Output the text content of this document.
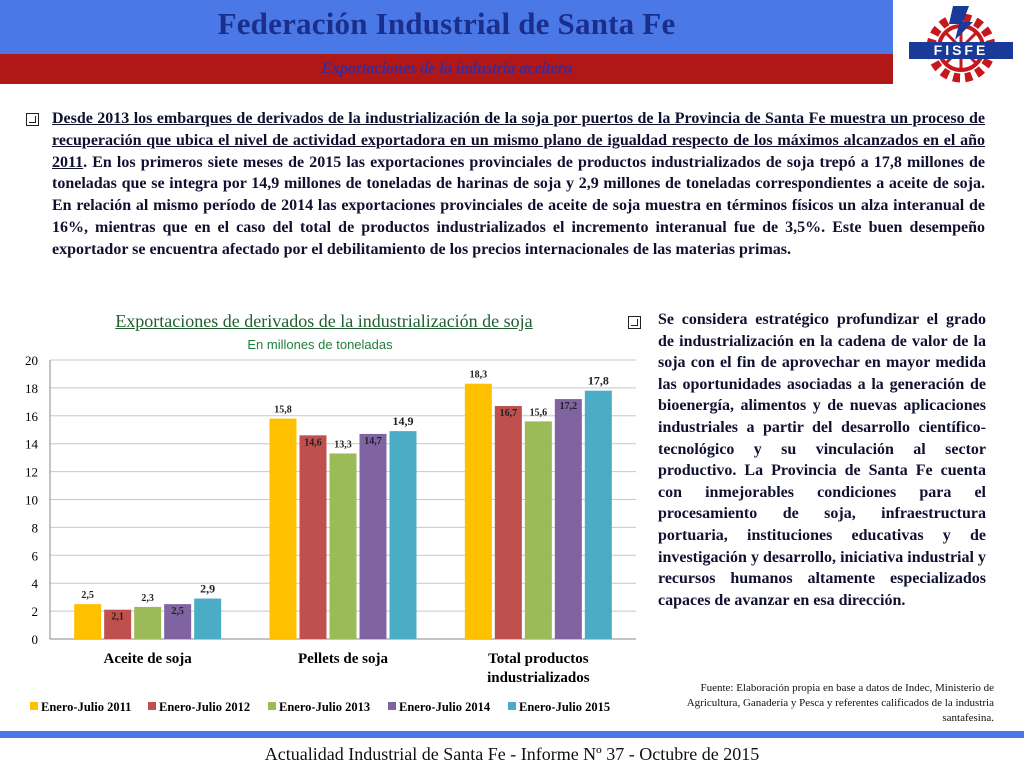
Federación Industrial de Santa Fe
Exportaciones de la industria aceitera
FISFE
Desde 2013 los embarques de derivados de la industrialización de la soja por puertos de la Provincia de Santa Fe muestra un proceso de recuperación que ubica el nivel de actividad exportadora en un mismo plano de igualdad respecto de los máximos alcanzados en el año 2011. En los primeros siete meses de 2015 las exportaciones provinciales de productos industrializados de soja trepó a 17,8 millones de toneladas que se integra por 14,9 millones de toneladas de harinas de soja y 2,9 millones de toneladas correspondientes a aceite de soja. En relación al mismo período de 2014 las exportaciones provinciales de aceite de soja muestra en términos físicos un alza interanual de 16%, mientras que en el caso del total de productos industrializados el incremento interanual fue de 3,5%. Este buen desempeño exportador se encuentra afectado por el debilitamiento de los precios internacionales de las materias primas.
Exportaciones de derivados de la industrialización de soja
En millones de toneladas
0
2
4
6
8
10
12
14
16
18
20
2,5
2,1
2,3
2,5
2,9
Aceite de soja
15,8
14,6 13,3 14,7
14,9
Pellets de soja
18,3
16,7 15,6
17,2
17,8
Total productos
industrializados
Enero-Julio 2011 Enero-Julio 2012 Enero-Julio 2013 Enero-Julio 2014 Enero-Julio 2015
Se considera estratégico profundizar el grado de industrialización en la cadena de valor de la soja con el fin de aprovechar en mayor medida las oportunidades asociadas a la generación de bioenergía, alimentos y de nuevas aplicaciones industriales a partir del desarrollo científico-tecnológico y su vinculación al sector productivo. La Provincia de Santa Fe cuenta con inmejorables condiciones para el procesamiento de soja, infraestructura portuaria, instituciones educativas y de investigación y desarrollo, iniciativa industrial y recursos humanos altamente especializados capaces de avanzar en esa dirección.
Fuente: Elaboración propia en base a datos de Indec, Ministerio de Agricultura, Ganadería y Pesca y referentes calificados de la industria santafesina.
Actualidad Industrial de Santa Fe - Informe Nº 37 - Octubre de 2015
